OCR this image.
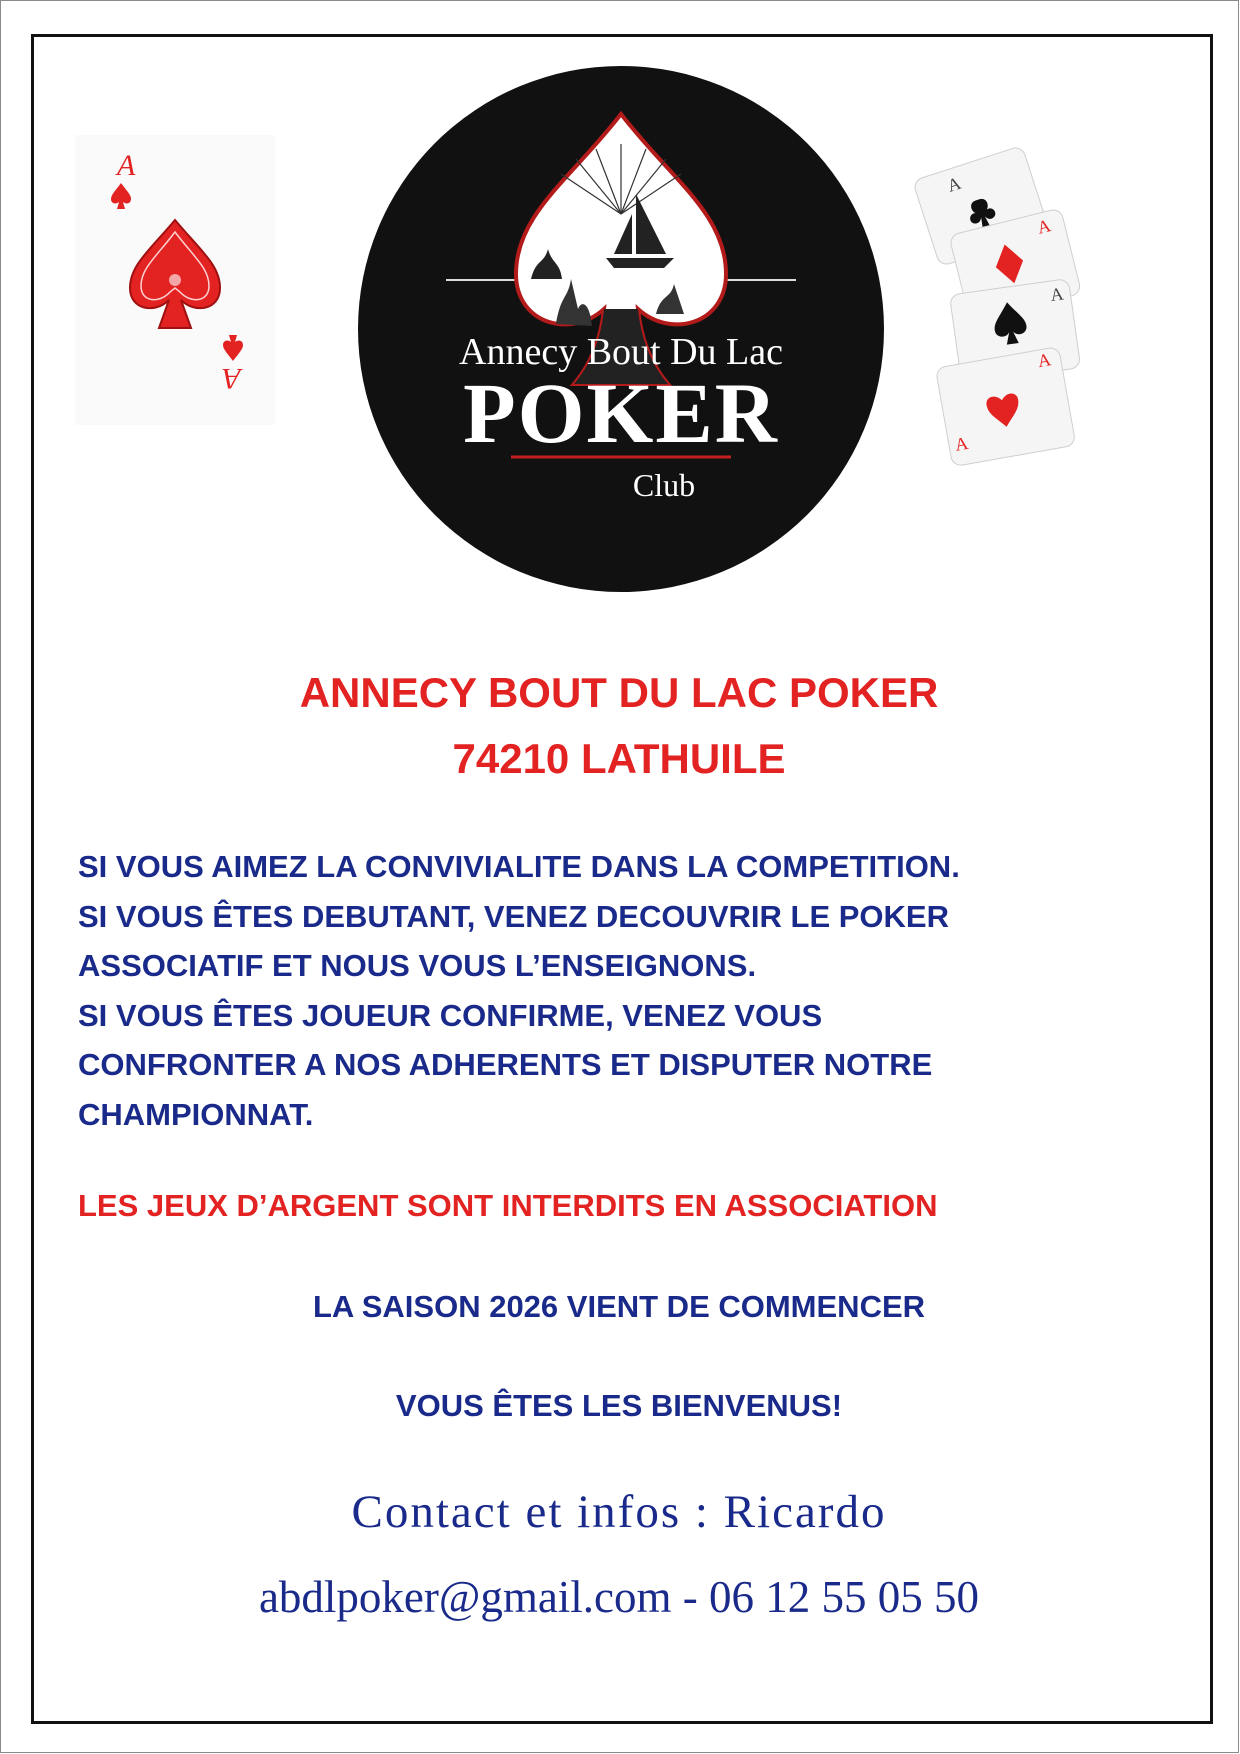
A
A
Annecy Bout Du Lac
POKER
Club
A
A
A
A
A
ANNECY BOUT DU LAC POKER
74210 LATHUILE
SI VOUS AIMEZ LA CONVIVIALITE DANS LA COMPETITION.
SI VOUS ÊTES DEBUTANT, VENEZ DECOUVRIR LE POKER
ASSOCIATIF ET NOUS VOUS L’ENSEIGNONS.
SI VOUS ÊTES JOUEUR CONFIRME, VENEZ VOUS
CONFRONTER A NOS ADHERENTS ET DISPUTER NOTRE
CHAMPIONNAT.
LES JEUX D’ARGENT SONT INTERDITS EN ASSOCIATION
LA SAISON 2026 VIENT DE COMMENCER
VOUS ÊTES LES BIENVENUS!
Contact et infos : Ricardo
abdlpoker@gmail.com - 06 12 55 05 50
